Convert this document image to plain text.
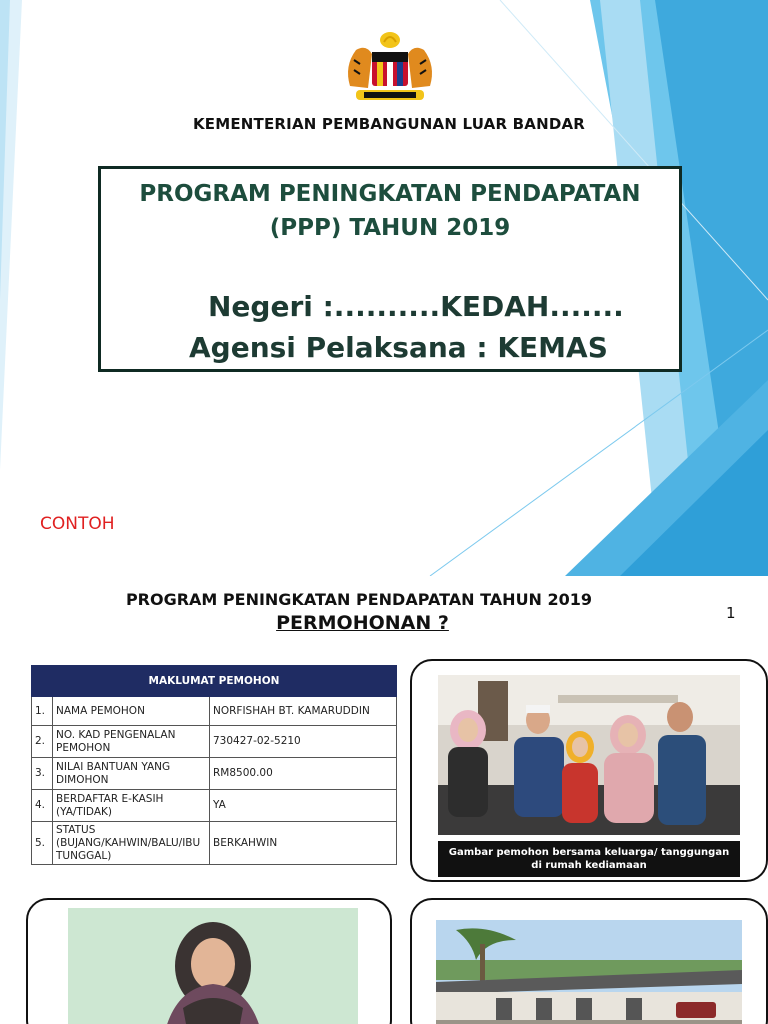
KEMENTERIAN PEMBANGUNAN LUAR BANDAR
PROGRAM PENINGKATAN PENDAPATAN
(PPP) TAHUN 2019
Negeri :..........KEDAH.......
Agensi Pelaksana : KEMAS
CONTOH
PROGRAM PENINGKATAN PENDAPATAN TAHUN 2019
PERMOHONAN ?	1
MAKLUMAT PEMOHON		
1.	NAMA PEMOHON	NORFISHAH BT. KAMARUDDIN
2.	NO. KAD PENGENALAN PEMOHON	730427-02-5210
3.	NILAI BANTUAN YANG DIMOHON	RM8500.00
4.	BERDAFTAR E-KASIH (YA/TIDAK)	YA
5.	STATUS (BUJANG/KAHWIN/BALU/IBU TUNGGAL)	BERKAHWIN
Gambar pemohon bersama keluarga/ tanggungan di rumah kediamaan
